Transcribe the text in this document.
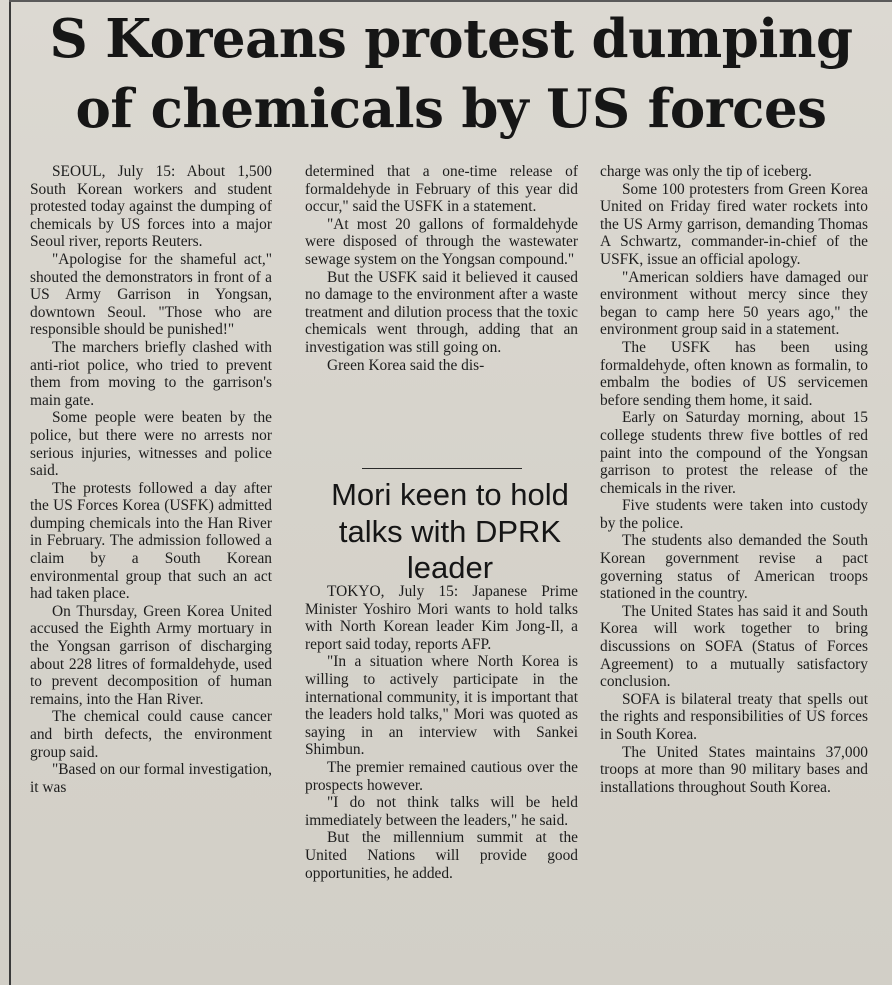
S Koreans protest dumping of chemicals by US forces

SEOUL, July 15: About 1,500 South Korean workers and student protested today against the dumping of chemicals by US forces into a major Seoul river, reports Reuters.

"Apologise for the shameful act," shouted the demonstrators in front of a US Army Garrison in Yongsan, downtown Seoul. "Those who are responsible should be punished!"

The marchers briefly clashed with anti-riot police, who tried to prevent them from moving to the garrison's main gate.

Some people were beaten by the police, but there were no arrests nor serious injuries, witnesses and police said.

The protests followed a day after the US Forces Korea (USFK) admitted dumping chemicals into the Han River in February. The admission followed a claim by a South Korean environmental group that such an act had taken place.

On Thursday, Green Korea United accused the Eighth Army mortuary in the Yongsan garrison of discharging about 228 litres of formaldehyde, used to prevent decomposition of human remains, into the Han River.

The chemical could cause cancer and birth defects, the environment group said.

"Based on our formal investigation, it was

determined that a one-time release of formaldehyde in February of this year did occur," said the USFK in a statement.

"At most 20 gallons of formaldehyde were disposed of through the wastewater sewage system on the Yongsan compound."

But the USFK said it believed it caused no damage to the environment after a waste treatment and dilution process that the toxic chemicals went through, adding that an investigation was still going on.

Green Korea said the dis-

Mori keen to hold talks with DPRK leader

TOKYO, July 15: Japanese Prime Minister Yoshiro Mori wants to hold talks with North Korean leader Kim Jong-Il, a report said today, reports AFP.

"In a situation where North Korea is willing to actively participate in the international community, it is important that the leaders hold talks," Mori was quoted as saying in an interview with Sankei Shimbun.

The premier remained cautious over the prospects however.

"I do not think talks will be held immediately between the leaders," he said.

But the millennium summit at the United Nations will provide good opportunities, he added.

charge was only the tip of iceberg.

Some 100 protesters from Green Korea United on Friday fired water rockets into the US Army garrison, demanding Thomas A Schwartz, commander-in-chief of the USFK, issue an official apology.

"American soldiers have damaged our environment without mercy since they began to camp here 50 years ago," the environment group said in a statement.

The USFK has been using formaldehyde, often known as formalin, to embalm the bodies of US servicemen before sending them home, it said.

Early on Saturday morning, about 15 college students threw five bottles of red paint into the compound of the Yongsan garrison to protest the release of the chemicals in the river.

Five students were taken into custody by the police.

The students also demanded the South Korean government revise a pact governing status of American troops stationed in the country.

The United States has said it and South Korea will work together to bring discussions on SOFA (Status of Forces Agreement) to a mutually satisfactory conclusion.

SOFA is bilateral treaty that spells out the rights and responsibilities of US forces in South Korea.

The United States maintains 37,000 troops at more than 90 military bases and installations throughout South Korea.
